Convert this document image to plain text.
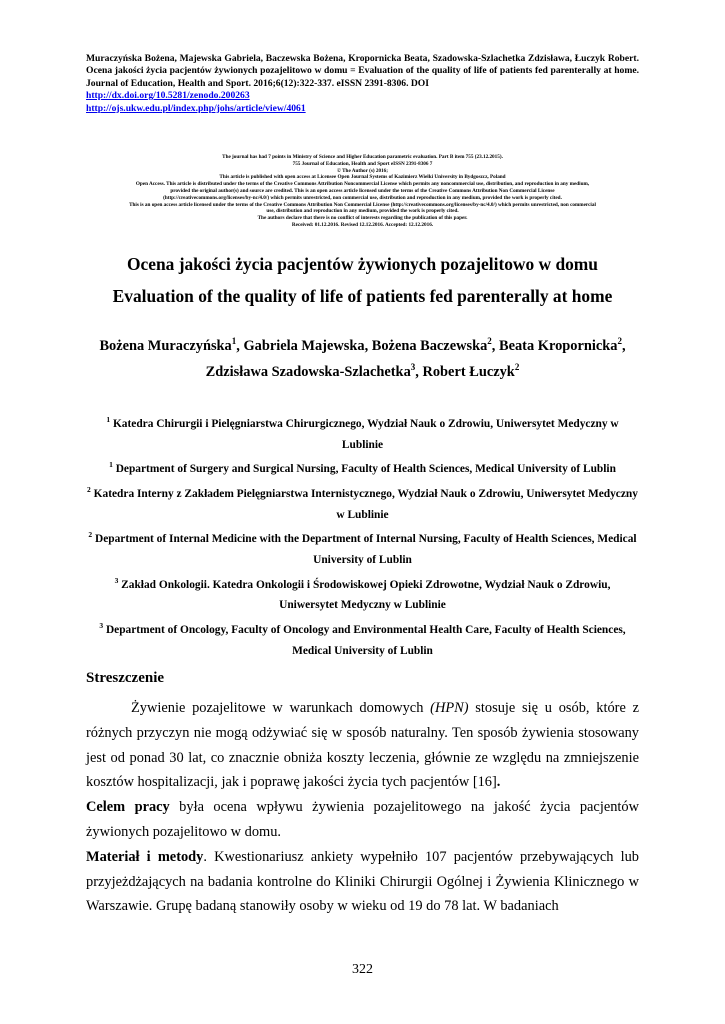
Muraczyńska Bożena, Majewska Gabriela, Baczewska Bożena, Kropornicka Beata, Szadowska-Szlachetka Zdzisława, Łuczyk Robert. Ocena jakości życia pacjentów żywionych pozajelitowo w domu = Evaluation of the quality of life of patients fed parenterally at home. Journal of Education, Health and Sport. 2016;6(12):322-337. eISSN 2391-8306. DOI
http://dx.doi.org/10.5281/zenodo.200263
http://ojs.ukw.edu.pl/index.php/johs/article/view/4061
The journal has had 7 points in Ministry of Science and Higher Education parametric evaluation. Part B item 755 (23.12.2015).
755 Journal of Education, Health and Sport eISSN 2391-8306 7
© The Author (s) 2016;
This article is published with open access at Licensee Open Journal Systems of Kazimierz Wielki University in Bydgoszcz, Poland
Open Access. This article is distributed under the terms of the Creative Commons Attribution Noncommercial License which permits any noncommercial use, distribution, and reproduction in any medium,
provided the original author(s) and source are credited. This is an open access article licensed under the terms of the Creative Commons Attribution Non Commercial License
(http://creativecommons.org/licenses/by-nc/4.0/) which permits unrestricted, non commercial use, distribution and reproduction in any medium, provided the work is properly cited.
This is an open access article licensed under the terms of the Creative Commons Attribution Non Commercial License (http://creativecommons.org/licenses/by-nc/4.0/) which permits unrestricted, non commercial
use, distribution and reproduction in any medium, provided the work is properly cited.
The authors declare that there is no conflict of interests regarding the publication of this paper.
Received: 01.12.2016. Revised 12.12.2016. Accepted: 12.12.2016.
Ocena jakości życia pacjentów żywionych pozajelitowo w domu
Evaluation of the quality of life of patients fed parenterally at home
Bożena Muraczyńska$^1$, Gabriela Majewska, Bożena Baczewska$^2$, Beata Kropornicka$^2$,
Zdzisława Szadowska-Szlachetka$^3$, Robert Łuczyk$^2$

$^1$ Katedra Chirurgii i Pielęgniarstwa Chirurgicznego, Wydział Nauk o Zdrowiu, Uniwersytet Medyczny w Lublinie

$^1$ Department of Surgery and Surgical Nursing, Faculty of Health Sciences, Medical University of Lublin

$^2$ Katedra Interny z Zakładem Pielęgniarstwa Internistycznego, Wydział Nauk o Zdrowiu, Uniwersytet Medyczny w Lublinie

$^2$ Department of Internal Medicine with the Department of Internal Nursing, Faculty of Health Sciences, Medical University of Lublin

$^3$ Zakład Onkologii. Katedra Onkologii i Środowiskowej Opieki Zdrowotne, Wydział Nauk o Zdrowiu, Uniwersytet Medyczny w Lublinie

$^3$ Department of Oncology, Faculty of Oncology and Environmental Health Care, Faculty of Health Sciences, Medical University of Lublin

Streszczenie

Żywienie pozajelitowe w warunkach domowych (HPN) stosuje się u osób, które z różnych przyczyn nie mogą odżywiać się w sposób naturalny. Ten sposób żywienia stosowany jest od ponad 30 lat, co znacznie obniża koszty leczenia, głównie ze względu na zmniejszenie kosztów hospitalizacji, jak i poprawę jakości życia tych pacjentów [16].

Celem pracy była ocena wpływu żywienia pozajelitowego na jakość życia pacjentów żywionych pozajelitowo w domu.

Materiał i metody. Kwestionariusz ankiety wypełniło 107 pacjentów przebywających lub przyjeżdżających na badania kontrolne do Kliniki Chirurgii Ogólnej i Żywienia Klinicznego w Warszawie. Grupę badaną stanowiły osoby w wieku od 19 do 78 lat. W badaniach

322
